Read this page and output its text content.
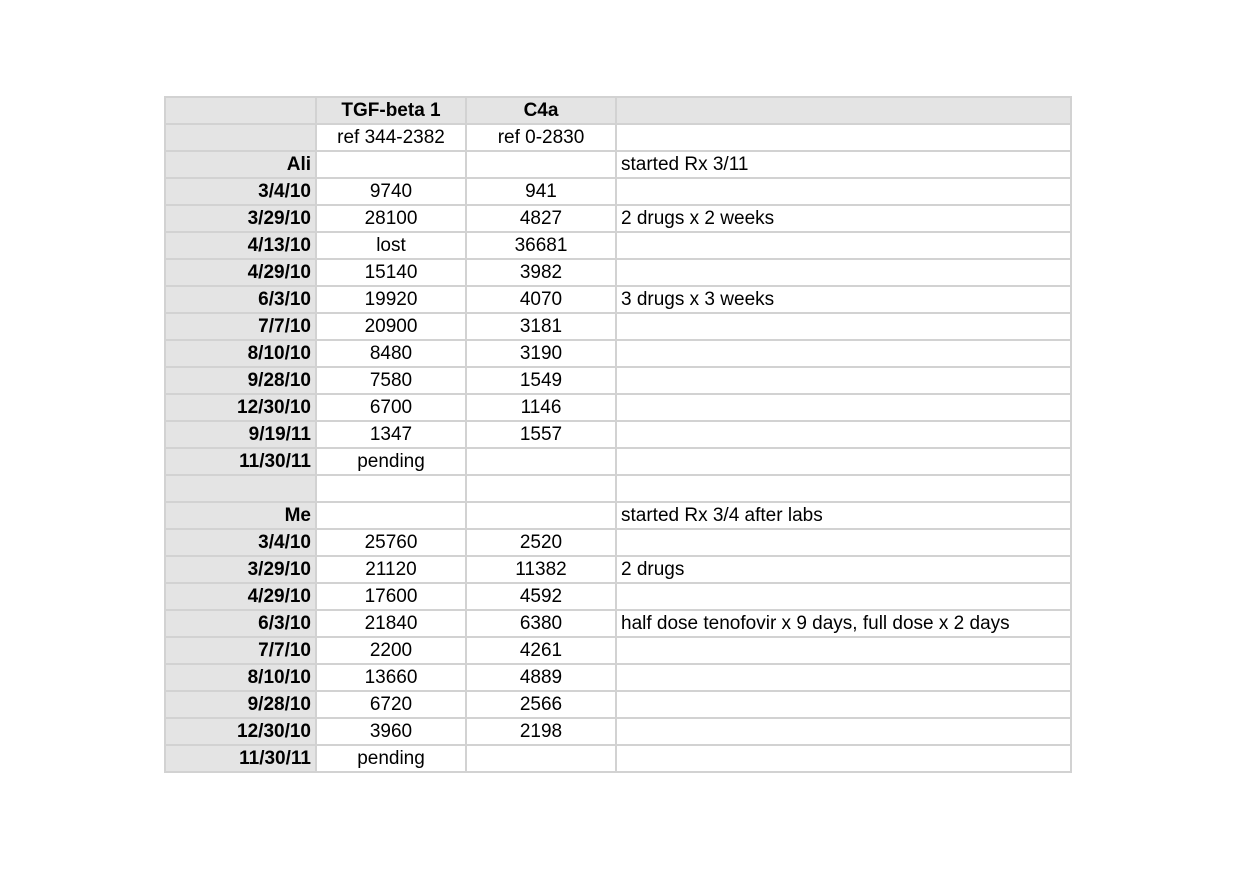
	TGF-beta 1	C4a	
	ref 344-2382	ref 0-2830	
Ali			started Rx 3/11
3/4/10	9740	941	
3/29/10	28100	4827	2 drugs x 2 weeks
4/13/10	lost	36681	
4/29/10	15140	3982	
6/3/10	19920	4070	3 drugs x 3 weeks
7/7/10	20900	3181	
8/10/10	8480	3190	
9/28/10	7580	1549	
12/30/10	6700	1146	
9/19/11	1347	1557	
11/30/11	pending		

Me			started Rx 3/4 after labs
3/4/10	25760	2520	
3/29/10	21120	11382	2 drugs
4/29/10	17600	4592	
6/3/10	21840	6380	half dose tenofovir x 9 days, full dose x 2 days
7/7/10	2200	4261	
8/10/10	13660	4889	
9/28/10	6720	2566	
12/30/10	3960	2198	
11/30/11	pending		
